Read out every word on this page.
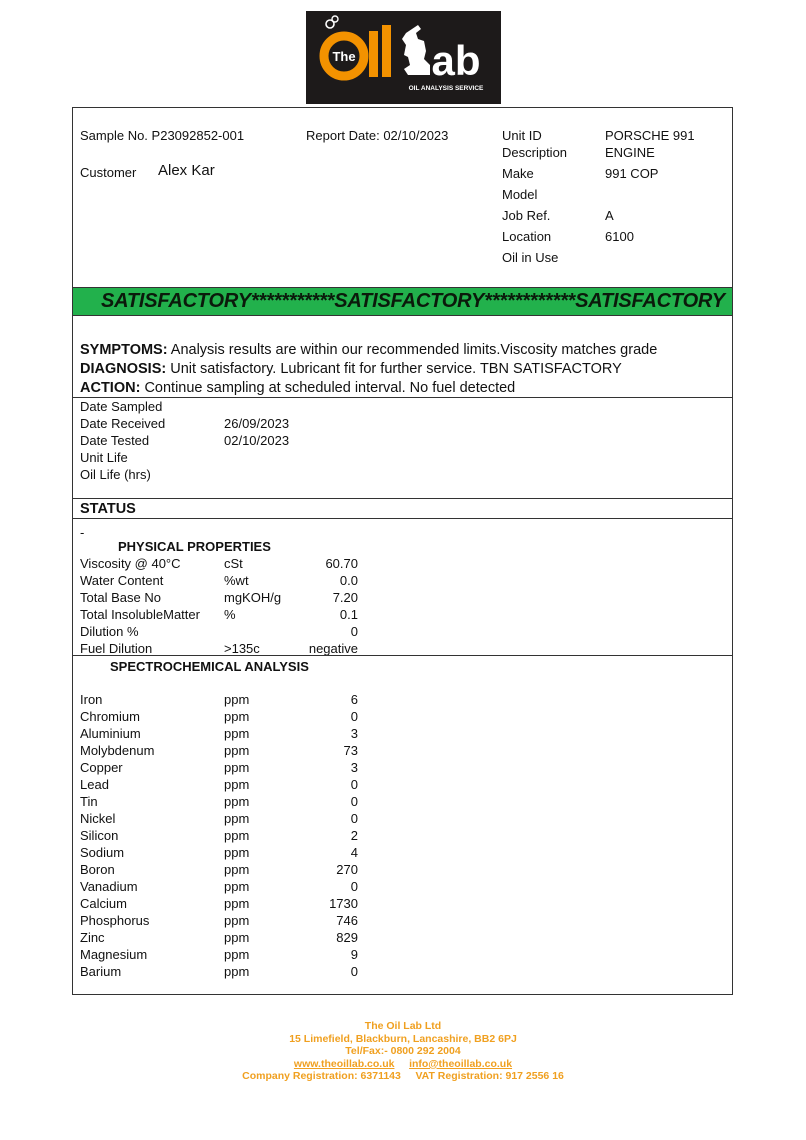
The ab
OIL ANALYSIS SERVICE
Sample No. P23092852-001	Report Date: 02/10/2023
Customer Alex Kar
Unit ID	PORSCHE 991
Description	ENGINE
Make	991 COP
Model
Job Ref.	A
Location	6100
Oil in Use
SATISFACTORY***********SATISFACTORY************SATISFACTORY

SYMPTOMS: Analysis results are within our recommended limits.Viscosity matches grade

DIAGNOSIS: Unit satisfactory. Lubricant fit for further service. TBN SATISFACTORY

ACTION: Continue sampling at scheduled interval. No fuel detected

Date Sampled
Date Received	26/09/2023
Date Tested	02/10/2023
Unit Life
Oil Life (hrs)
STATUS
-
PHYSICAL PROPERTIES
Viscosity @ 40°C	cSt	60.70
Water Content	%wt	0.0
Total Base No	mgKOH/g	7.20
Total InsolubleMatter %	0.1
Dilution %	0
Fuel Dilution	>135c	negative
SPECTROCHEMICAL ANALYSIS
Iron	ppm	6
Chromium	ppm	0
Aluminium	ppm	3
Molybdenum	ppm	73
Copper	ppm	3
Lead	ppm	0
Tin	ppm	0
Nickel	ppm	0
Silicon	ppm	2
Sodium	ppm	4
Boron	ppm	270
Vanadium	ppm	0
Calcium	ppm	1730
Phosphorus	ppm	746
Zinc	ppm	829
Magnesium	ppm	9
Barium	ppm	0
The Oil Lab Ltd
15 Limefield, Blackburn, Lancashire, BB2 6PJ
Tel/Fax:- 0800 292 2004
www.theoillab.co.uk info@theoillab.co.uk
Company Registration: 6371143 VAT Registration: 917 2556 16
